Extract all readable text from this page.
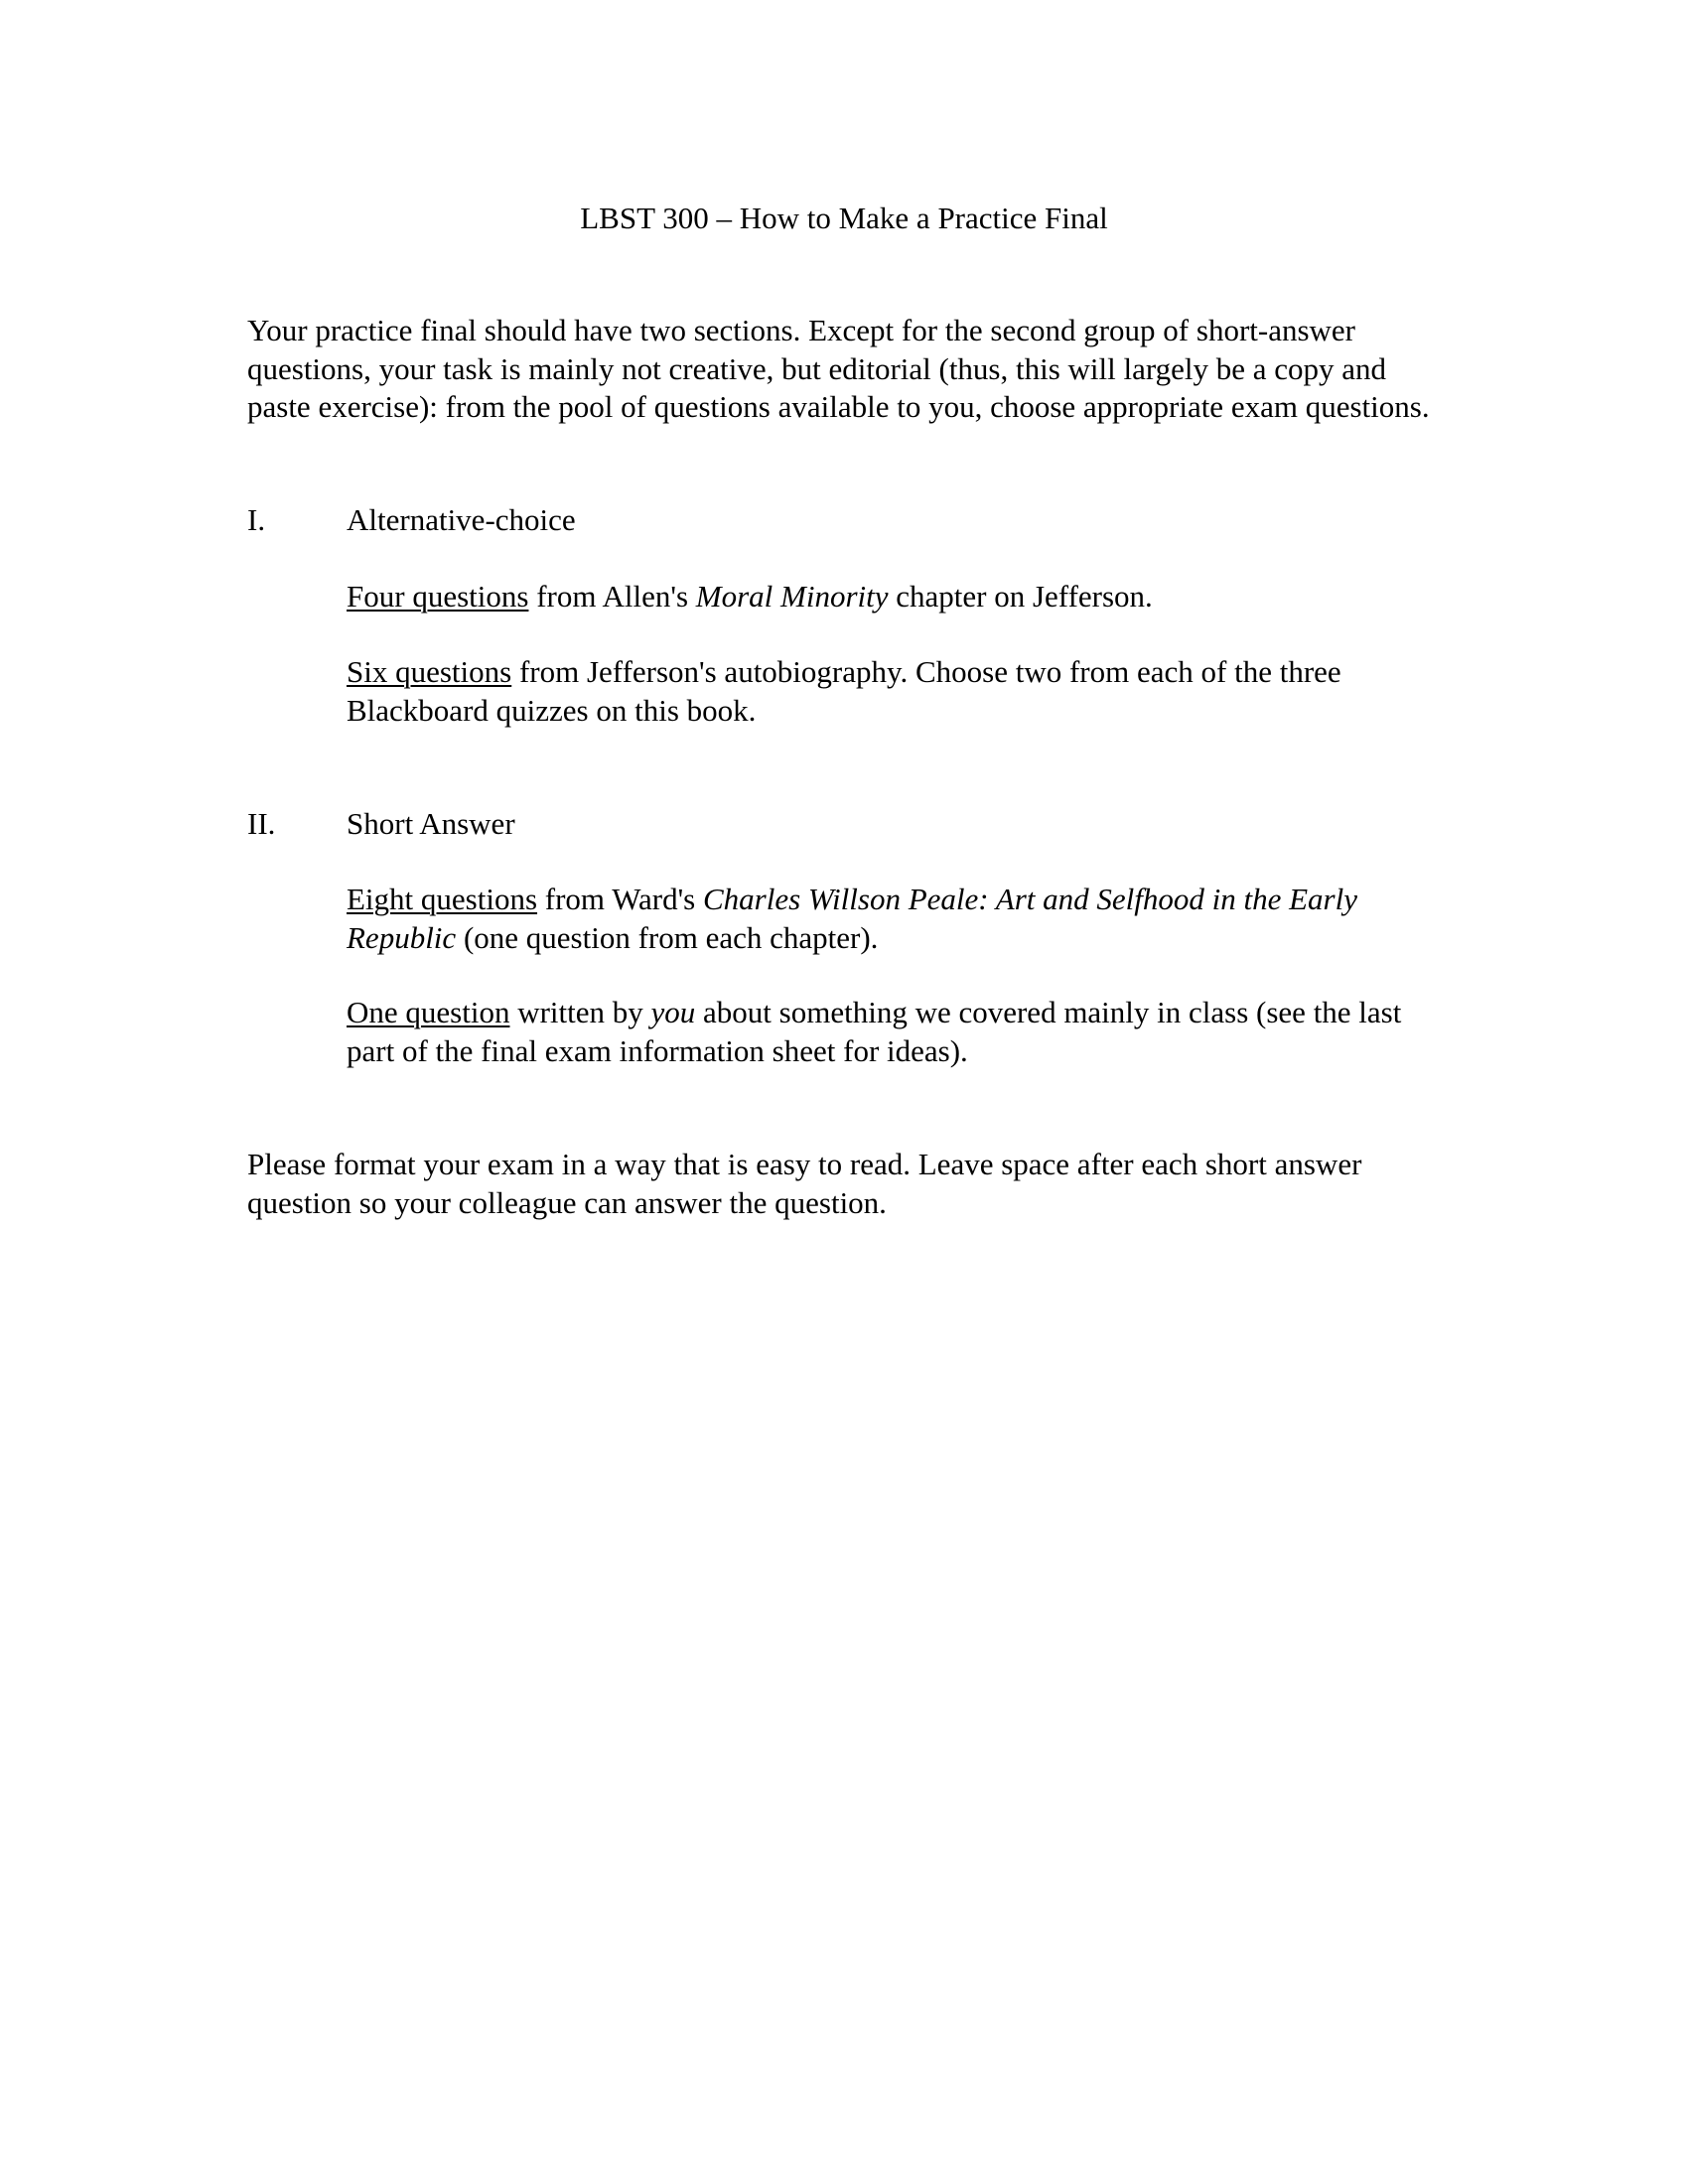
LBST 300 – How to Make a Practice Final
Your practice final should have two sections. Except for the second group of short-answer questions, your task is mainly not creative, but editorial (thus, this will largely be a copy and paste exercise): from the pool of questions available to you, choose appropriate exam questions.
I.	Alternative-choice
Four questions from Allen's Moral Minority chapter on Jefferson.
Six questions from Jefferson's autobiography. Choose two from each of the three Blackboard quizzes on this book.
II. Short Answer
Eight questions from Ward's Charles Willson Peale: Art and Selfhood in the Early Republic (one question from each chapter).
One question written by you about something we covered mainly in class (see the last part of the final exam information sheet for ideas).
Please format your exam in a way that is easy to read. Leave space after each short answer question so your colleague can answer the question.
